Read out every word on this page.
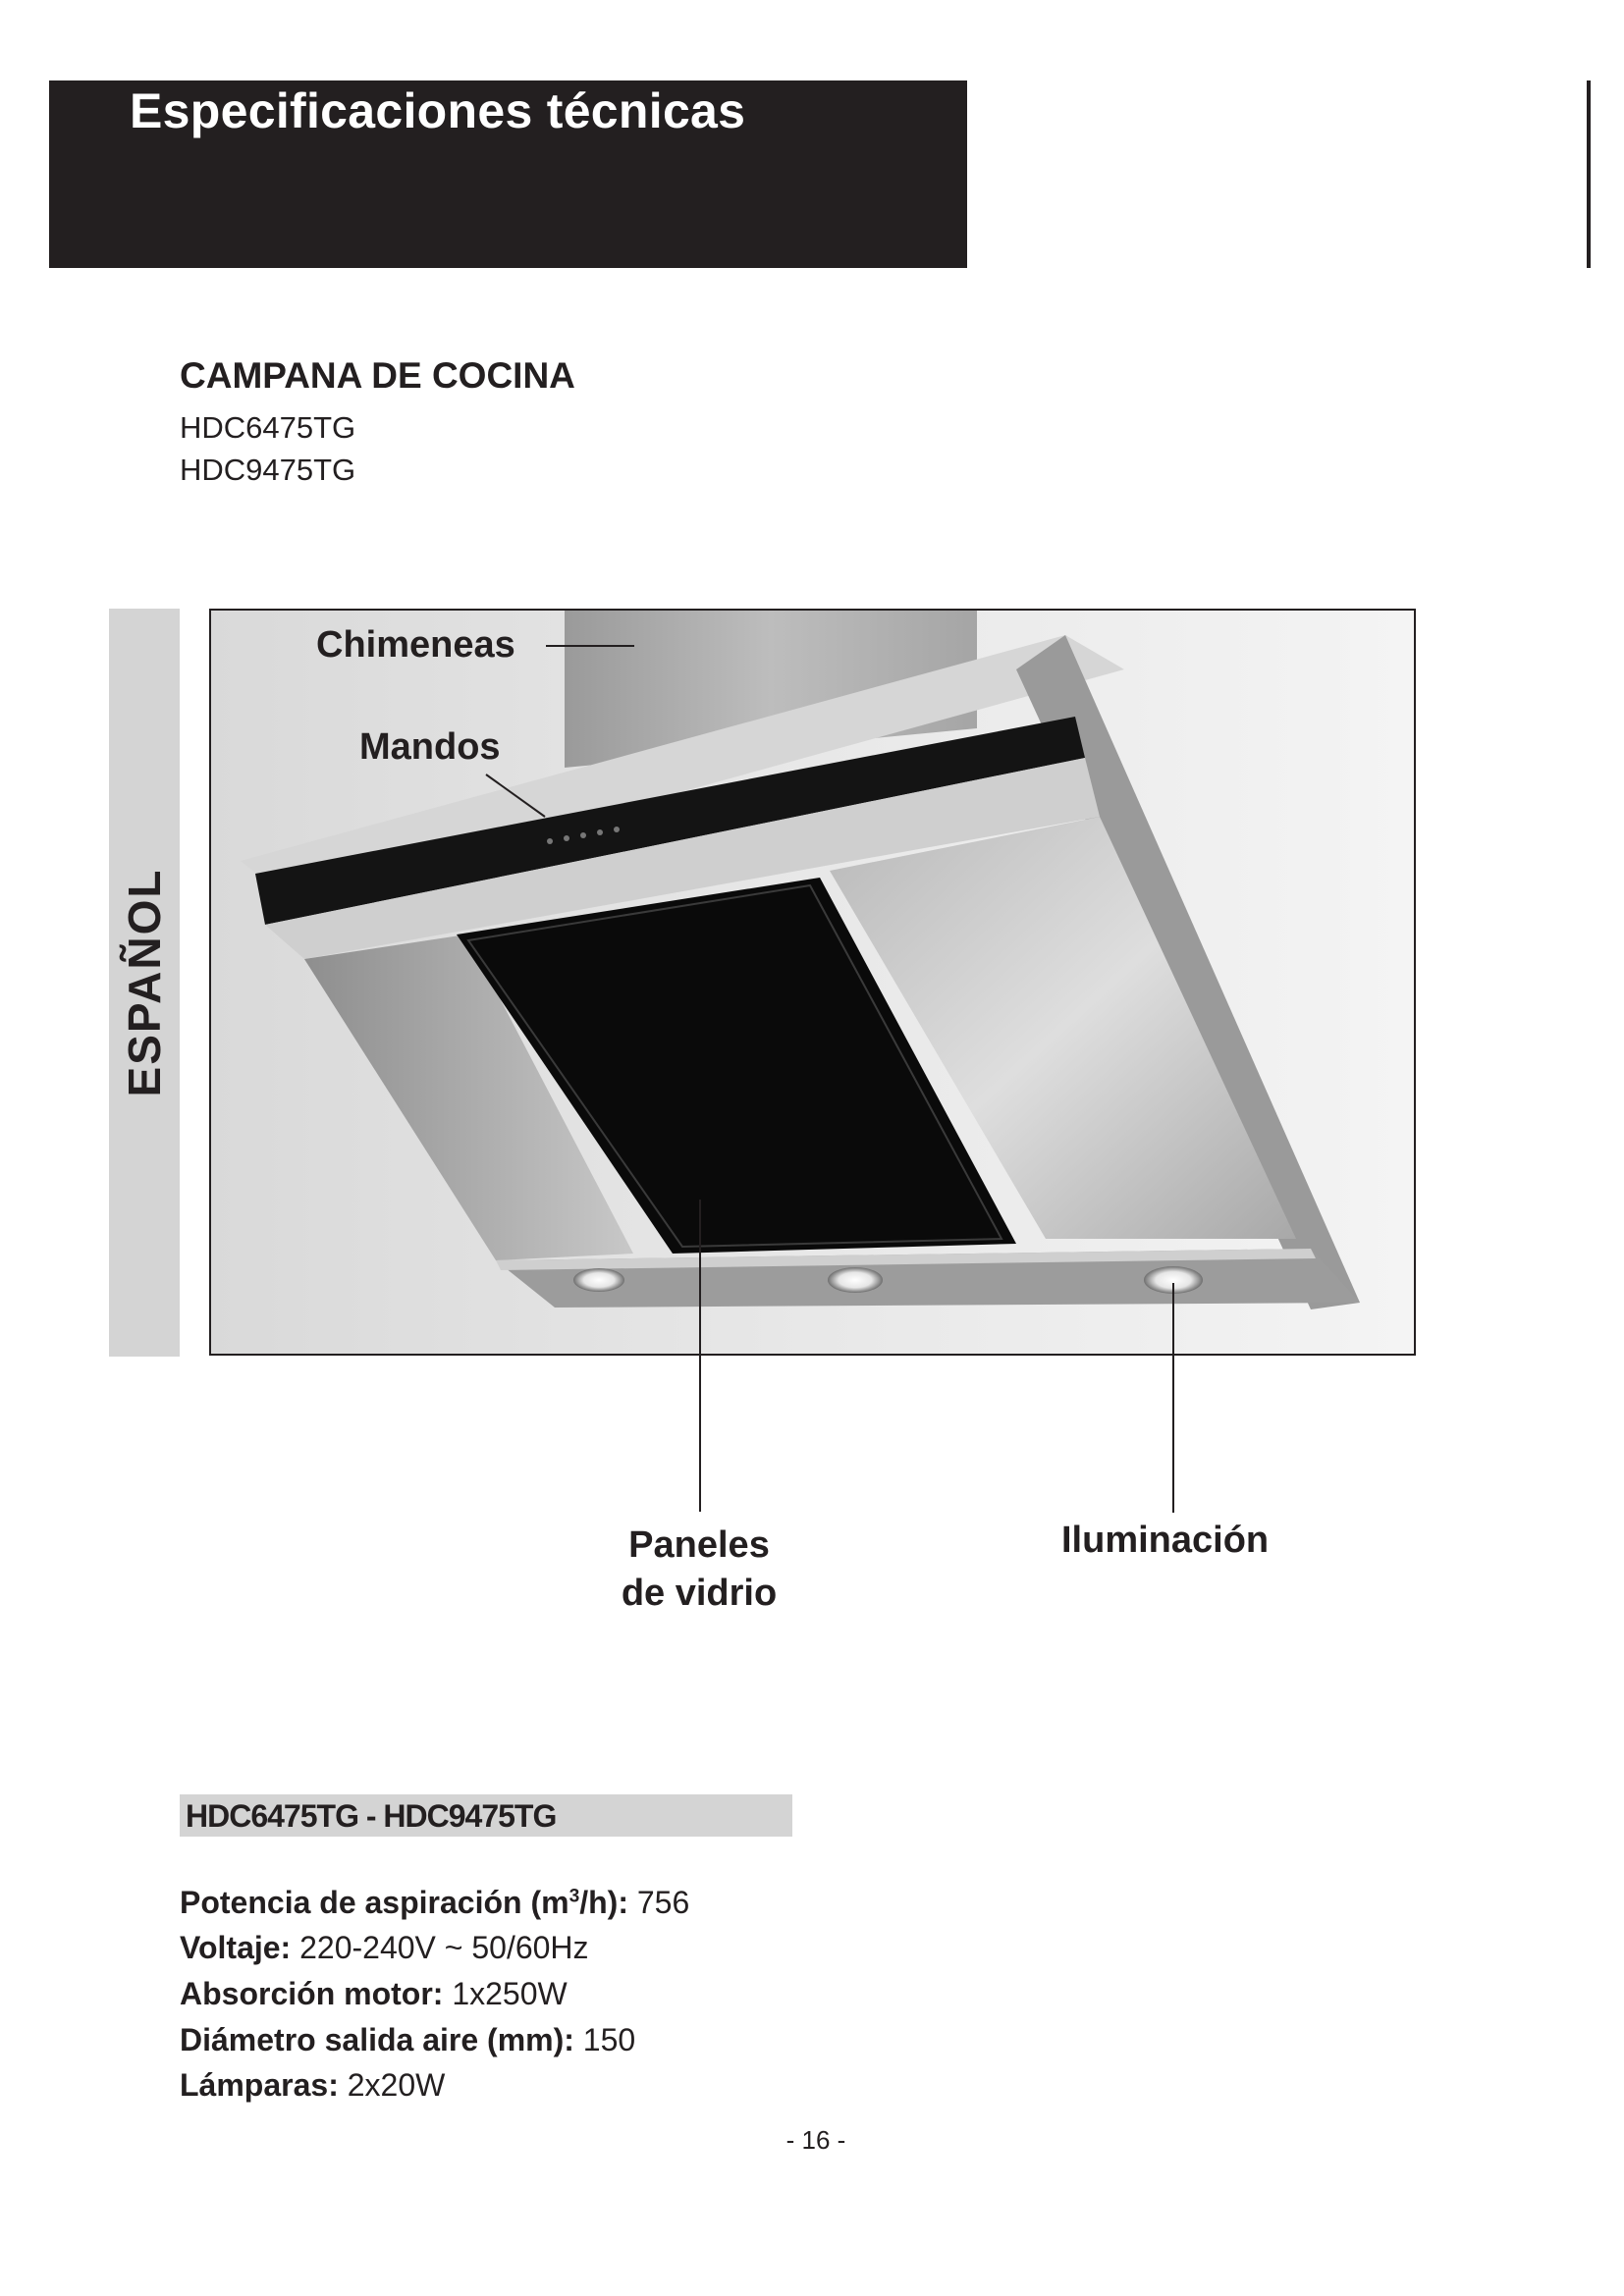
Especificaciones técnicas
CAMPANA DE COCINA
HDC6475TG
HDC9475TG
ESPAÑOL
Chimeneas
Mandos
Paneles
de vidrio
Iluminación
HDC6475TG - HDC9475TG
Potencia de aspiración $(m^3/h)$: 756
Voltaje: 220-240V ~ 50/60Hz
Absorción motor: 1x250W
Diámetro salida aire (mm): 150
Lámparas: 2x20W
- 16 -
